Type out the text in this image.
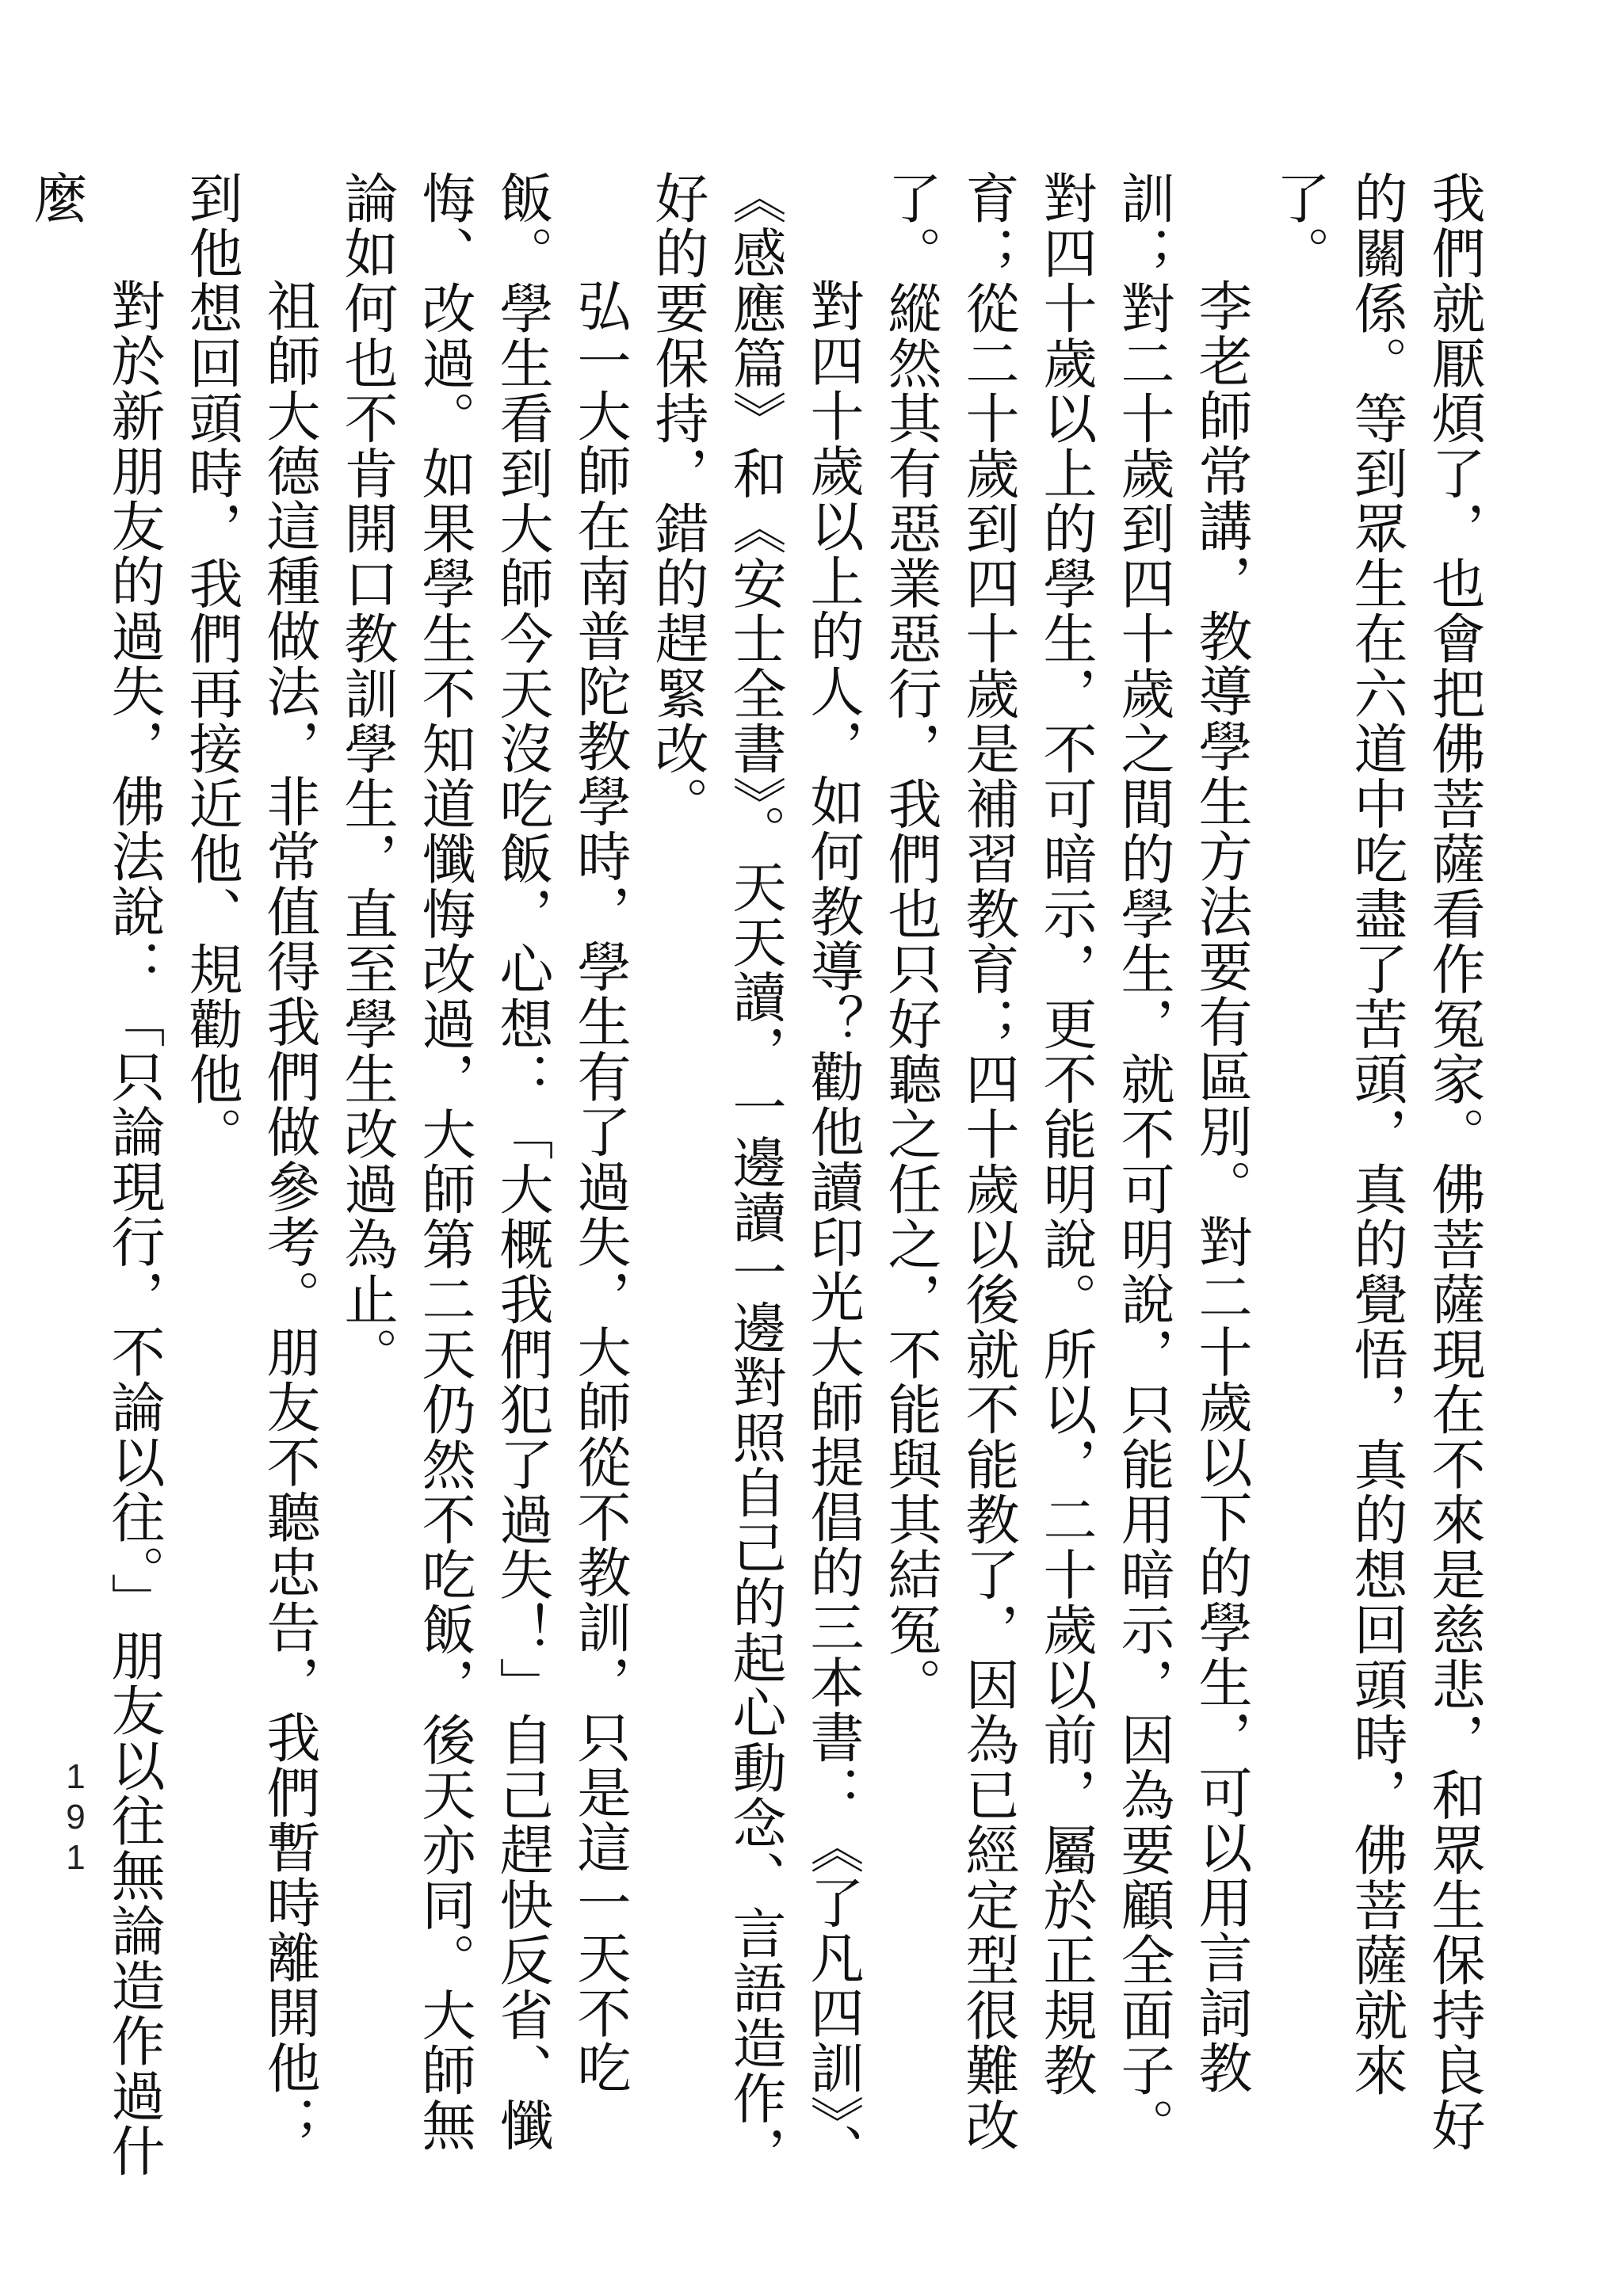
我們就厭煩了，也會把佛菩薩看作冤家。佛菩薩現在不來是慈悲，和眾生保持良好的關係。等到眾生在六道中吃盡了苦頭，真的覺悟，真的想回頭時，佛菩薩就來了。

李老師常講，教導學生方法要有區別。對二十歲以下的學生，可以用言詞教訓；對二十歲到四十歲之間的學生，就不可明說，只能用暗示，因為要顧全面子。對四十歲以上的學生，不可暗示，更不能明說。所以，二十歲以前，屬於正規教育；從二十歲到四十歲是補習教育；四十歲以後就不能教了，因為已經定型很難改了。縱然其有惡業惡行，我們也只好聽之任之，不能與其結冤。

對四十歲以上的人，如何教導？勸他讀印光大師提倡的三本書：《了凡四訓》、《感應篇》和《安士全書》。天天讀，一邊讀一邊對照自己的起心動念、言語造作，好的要保持，錯的趕緊改。

弘一大師在南普陀教學時，學生有了過失，大師從不教訓，只是這一天不吃飯。學生看到大師今天沒吃飯，心想：「大概我們犯了過失！」自己趕快反省、懺悔、改過。如果學生不知道懺悔改過，大師第二天仍然不吃飯，後天亦同。大師無論如何也不肯開口教訓學生，直至學生改過為止。

祖師大德這種做法，非常值得我們做參考。朋友不聽忠告，我們暫時離開他；到他想回頭時，我們再接近他、規勸他。

對於新朋友的過失，佛法說：「只論現行，不論以往。」朋友以往無論造作過什麼

191
